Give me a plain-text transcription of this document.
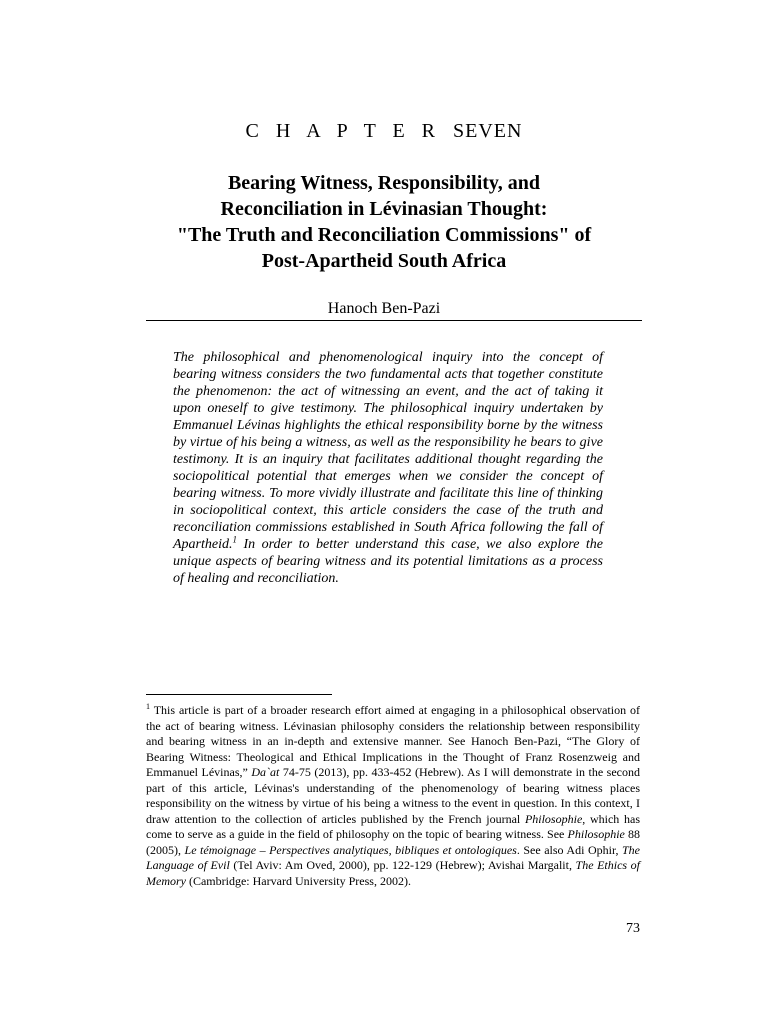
C H A P T E R SEVEN
Bearing Witness, Responsibility, and
Reconciliation in Lévinasian Thought:
"The Truth and Reconciliation Commissions" of
Post-Apartheid South Africa
Hanoch Ben-Pazi
The philosophical and phenomenological inquiry into the concept of bearing witness considers the two fundamental acts that together constitute the phenomenon: the act of witnessing an event, and the act of taking it upon oneself to give testimony. The philosophical inquiry undertaken by Emmanuel Lévinas highlights the ethical responsibility borne by the witness by virtue of his being a witness, as well as the responsibility he bears to give testimony. It is an inquiry that facilitates additional thought regarding the sociopolitical potential that emerges when we consider the concept of bearing witness. To more vividly illustrate and facilitate this line of thinking in sociopolitical context, this article considers the case of the truth and reconciliation commissions established in South Africa following the fall of Apartheid.$^1$ In order to better understand this case, we also explore the unique aspects of bearing witness and its potential limitations as a process of healing and reconciliation.
$^1$ This article is part of a broader research effort aimed at engaging in a philosophical observation of the act of bearing witness. Lévinasian philosophy considers the relationship between responsibility and bearing witness in an in-depth and extensive manner. See Hanoch Ben-Pazi, “The Glory of Bearing Witness: Theological and Ethical Implications in the Thought of Franz Rosenzweig and Emmanuel Lévinas,” Da`at 74-75 (2013), pp. 433-452 (Hebrew). As I will demonstrate in the second part of this article, Lévinas's understanding of the phenomenology of bearing witness places responsibility on the witness by virtue of his being a witness to the event in question. In this context, I draw attention to the collection of articles published by the French journal Philosophie, which has come to serve as a guide in the field of philosophy on the topic of bearing witness. See Philosophie 88 (2005), Le témoignage – Perspectives analytiques, bibliques et ontologiques. See also Adi Ophir, The Language of Evil (Tel Aviv: Am Oved, 2000), pp. 122-129 (Hebrew); Avishai Margalit, The Ethics of Memory (Cambridge: Harvard University Press, 2002).
73
